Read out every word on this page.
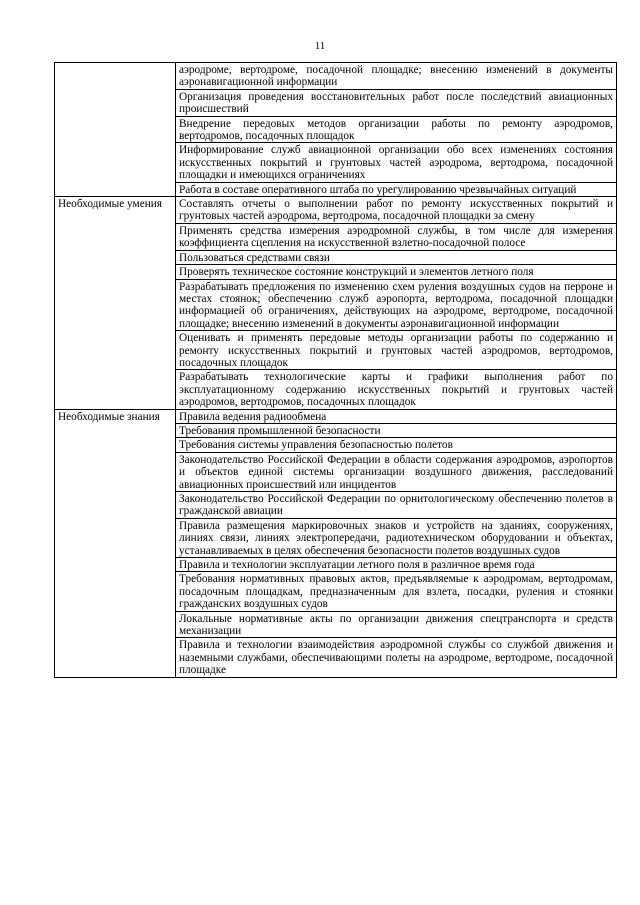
11

	аэродроме, вертодроме, посадочной площадке; внесению изменений в документы аэронавигационной информации

	Организация проведения восстановительных работ после последствий авиационных происшествий

	Внедрение передовых методов организации работы по ремонту аэродромов, вертодромов, посадочных площадок

	Информирование служб авиационной организации обо всех изменениях состояния искусственных покрытий и грунтовых частей аэродрома, вертодрома, посадочной площадки и имеющихся ограничениях

	Работа в составе оперативного штаба по урегулированию чрезвычайных ситуаций

Необходимые умения	Составлять отчеты о выполнении работ по ремонту искусственных покрытий и грунтовых частей аэродрома, вертодрома, посадочной площадки за смену

	Применять средства измерения аэродромной службы, в том числе для измерения коэффициента сцепления на искусственной взлетно-посадочной полосе

	Пользоваться средствами связи

	Проверять техническое состояние конструкций и элементов летного поля

	Разрабатывать предложения по изменению схем руления воздушных судов на перроне и местах стоянок; обеспечению служб аэропорта, вертодрома, посадочной площадки информацией об ограничениях, действующих на аэродроме, вертодроме, посадочной площадке; внесению изменений в документы аэронавигационной информации

	Оценивать и применять передовые методы организации работы по содержанию и ремонту искусственных покрытий и грунтовых частей аэродромов, вертодромов, посадочных площадок

	Разрабатывать технологические карты и графики выполнения работ по эксплуатационному содержанию искусственных покрытий и грунтовых частей аэродромов, вертодромов, посадочных площадок

Необходимые знания	Правила ведения радиообмена

	Требования промышленной безопасности

	Требования системы управления безопасностью полетов

	Законодательство Российской Федерации в области содержания аэродромов, аэропортов и объектов единой системы организации воздушного движения, расследований авиационных происшествий или инцидентов

	Законодательство Российской Федерации по орнитологическому обеспечению полетов в гражданской авиации

	Правила размещения маркировочных знаков и устройств на зданиях, сооружениях, линиях связи, линиях электропередачи, радиотехническом оборудовании и объектах, устанавливаемых в целях обеспечения безопасности полетов воздушных судов

	Правила и технологии эксплуатации летного поля в различное время года

	Требования нормативных правовых актов, предъявляемые к аэродромам, вертодромам, посадочным площадкам, предназначенным для взлета, посадки, руления и стоянки гражданских воздушных судов

	Локальные нормативные акты по организации движения спецтранспорта и средств механизации

	Правила и технологии взаимодействия аэродромной службы со службой движения и наземными службами, обеспечивающими полеты на аэродроме, вертодроме, посадочной площадке
